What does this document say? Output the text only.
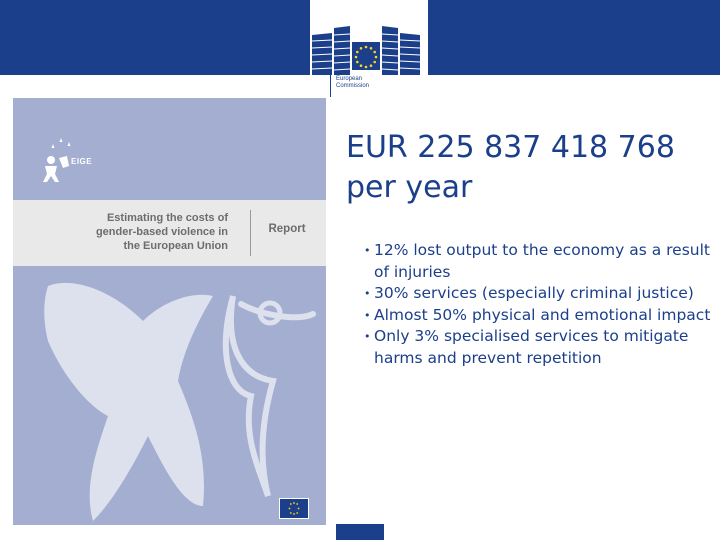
European
Commission
EIGE
Estimating the costs of
gender-based violence in
the European Union
Report
EUR 225 837 418 768 per year
• 12% lost output to the economy as a result of injuries
• 30% services (especially criminal justice)
• Almost 50% physical and emotional impact
• Only 3% specialised services to mitigate harms and prevent repetition
